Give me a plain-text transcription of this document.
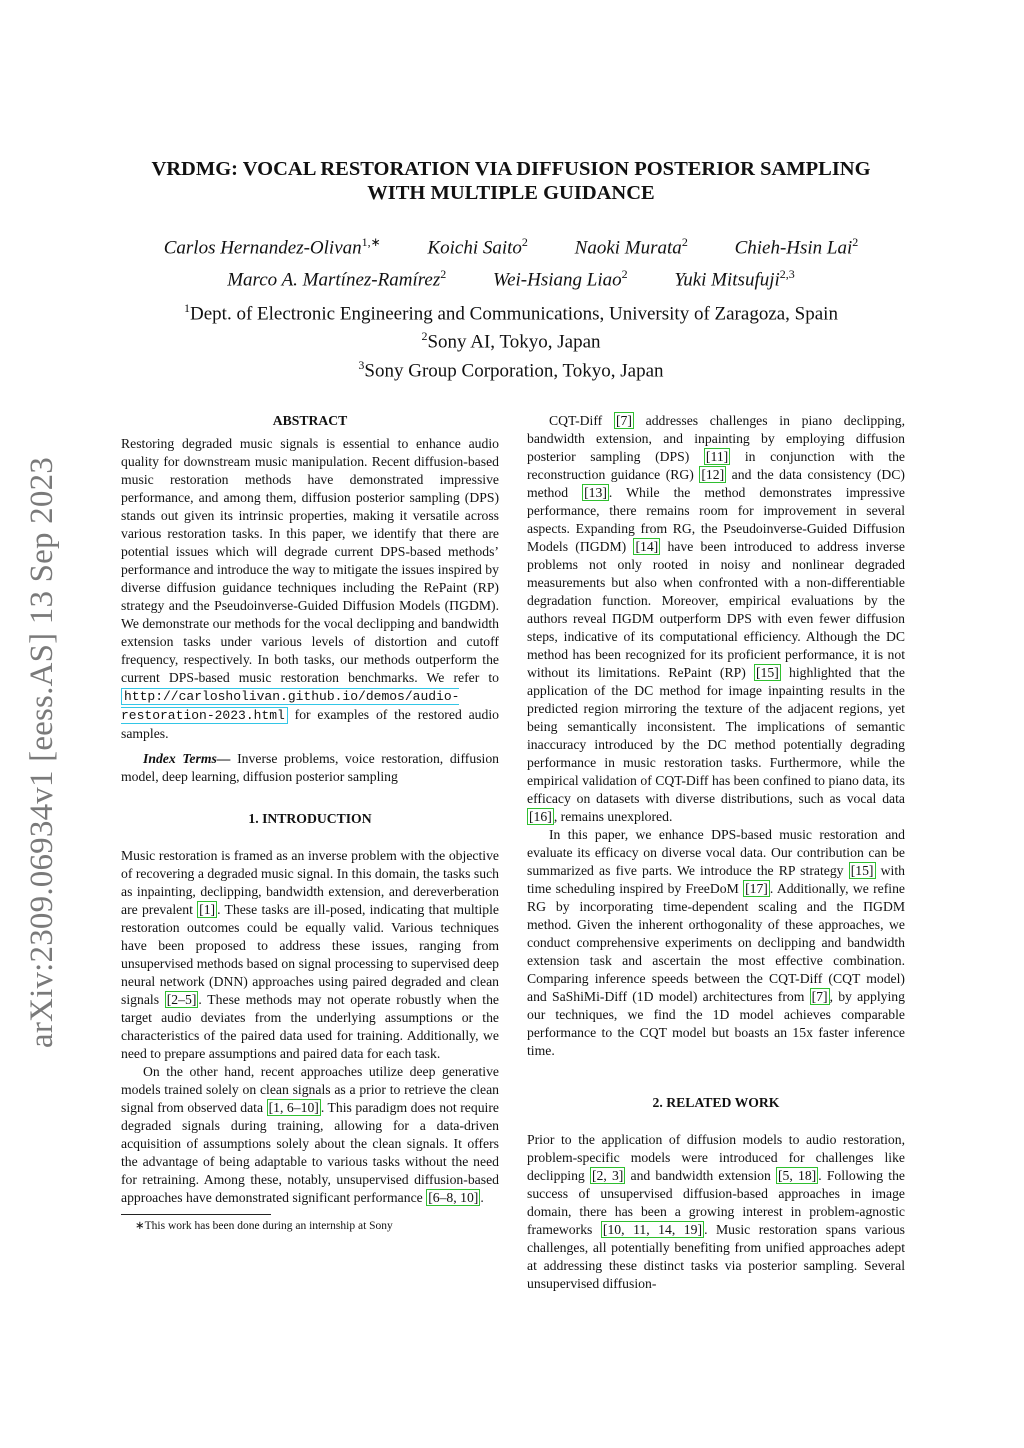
arXiv:2309.06934v1 [eess.AS] 13 Sep 2023
VRDMG: VOCAL RESTORATION VIA DIFFUSION POSTERIOR SAMPLING
WITH MULTIPLE GUIDANCE
Carlos Hernandez-Olivan$^{1,∗}$ Koichi Saito$^2$ Naoki Murata$^2$ Chieh-Hsin Lai$^2$
Marco A. Martínez-Ramírez$^2$ Wei-Hsiang Liao$^2$ Yuki Mitsufuji$^{2,3}$
$^1$Dept. of Electronic Engineering and Communications, University of Zaragoza, Spain
$^2$Sony AI, Tokyo, Japan
$^3$Sony Group Corporation, Tokyo, Japan

ABSTRACT

Restoring degraded music signals is essential to enhance audio quality for downstream music manipulation. Recent diffusion-based music restoration methods have demonstrated impressive performance, and among them, diffusion posterior sampling (DPS) stands out given its intrinsic properties, making it versatile across various restoration tasks. In this paper, we identify that there are potential issues which will degrade current DPS-based methods’ performance and introduce the way to mitigate the issues inspired by diverse diffusion guidance techniques including the RePaint (RP) strategy and the Pseudoinverse-Guided Diffusion Models (ΠGDM). We demonstrate our methods for the vocal declipping and bandwidth extension tasks under various levels of distortion and cutoff frequency, respectively. In both tasks, our methods outperform the current DPS-based music restoration benchmarks. We refer to http://carlosholivan.github.io/demos/audio-restoration-2023.html for examples of the restored audio samples.

Index Terms— Inverse problems, voice restoration, diffusion model, deep learning, diffusion posterior sampling

1. INTRODUCTION

Music restoration is framed as an inverse problem with the objective of recovering a degraded music signal. In this domain, the tasks such as inpainting, declipping, bandwidth extension, and dereverberation are prevalent [1] . These tasks are ill-posed, indicating that multiple restoration outcomes could be equally valid. Various techniques have been proposed to address these issues, ranging from unsupervised methods based on signal processing to supervised deep neural network (DNN) approaches using paired degraded and clean signals [2–5] . These methods may not operate robustly when the target audio deviates from the underlying assumptions or the characteristics of the paired data used for training. Additionally, we need to prepare assumptions and paired data for each task.

On the other hand, recent approaches utilize deep generative models trained solely on clean signals as a prior to retrieve the clean signal from observed data [1, 6–10] . This paradigm does not require degraded signals during training, allowing for a data-driven acquisition of assumptions solely about the clean signals. It offers the advantage of being adaptable to various tasks without the need for retraining. Among these, notably, unsupervised diffusion-based approaches have demonstrated significant performance [6–8, 10] .

∗This work has been done during an internship at Sony

CQT-Diff [7] addresses challenges in piano declipping, bandwidth extension, and inpainting by employing diffusion posterior sampling (DPS) [11] in conjunction with the reconstruction guidance (RG) [12] and the data consistency (DC) method [13] . While the method demonstrates impressive performance, there remains room for improvement in several aspects. Expanding from RG, the Pseudoinverse-Guided Diffusion Models (ΠGDM) [14] have been introduced to address inverse problems not only rooted in noisy and nonlinear degraded measurements but also when confronted with a non-differentiable degradation function. Moreover, empirical evaluations by the authors reveal ΠGDM outperform DPS with even fewer diffusion steps, indicative of its computational efficiency. Although the DC method has been recognized for its proficient performance, it is not without its limitations. RePaint (RP) [15] highlighted that the application of the DC method for image inpainting results in the predicted region mirroring the texture of the adjacent regions, yet being semantically inconsistent. The implications of semantic inaccuracy introduced by the DC method potentially degrading performance in music restoration tasks. Furthermore, while the empirical validation of CQT-Diff has been confined to piano data, its efficacy on datasets with diverse distributions, such as vocal data [16] , remains unexplored.

In this paper, we enhance DPS-based music restoration and evaluate its efficacy on diverse vocal data. Our contribution can be summarized as five parts. We introduce the RP strategy [15] with time scheduling inspired by FreeDoM [17] . Additionally, we refine RG by incorporating time-dependent scaling and the ΠGDM method. Given the inherent orthogonality of these approaches, we conduct comprehensive experiments on declipping and bandwidth extension task and ascertain the most effective combination. Comparing inference speeds between the CQT-Diff (CQT model) and SaShiMi-Diff (1D model) architectures from [7] , by applying our techniques, we find the 1D model achieves comparable performance to the CQT model but boasts an 15x faster inference time.

2. RELATED WORK

Prior to the application of diffusion models to audio restoration, problem-specific models were introduced for challenges like declipping [2, 3] and bandwidth extension [5, 18] . Following the success of unsupervised diffusion-based approaches in image domain, there has been a growing interest in problem-agnostic frameworks [10, 11, 14, 19] . Music restoration spans various challenges, all potentially benefiting from unified approaches adept at addressing these distinct tasks via posterior sampling. Several unsupervised diffusion-
